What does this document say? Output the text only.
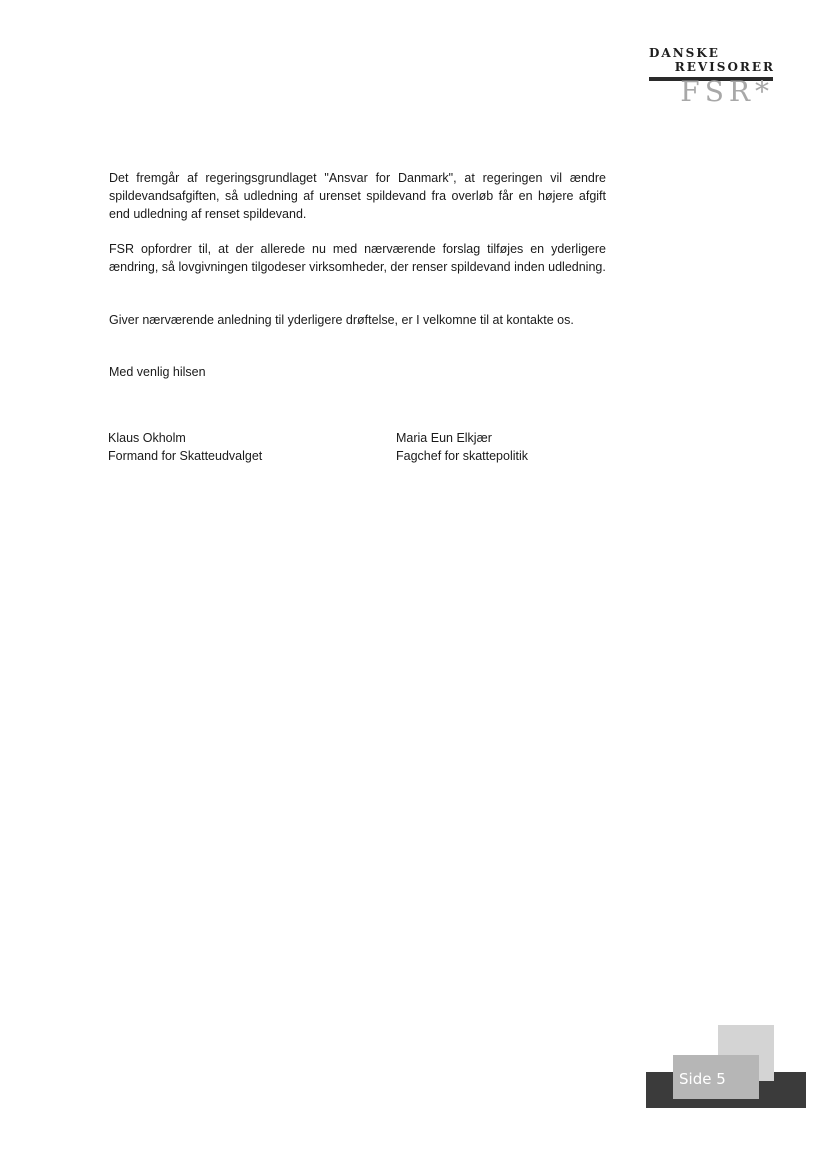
DANSKE
REVISORER
FSR*

Det fremgår af regeringsgrundlaget "Ansvar for Danmark", at regeringen vil ændre spildevandsafgiften, så udledning af urenset spildevand fra overløb får en højere afgift end udledning af renset spildevand.

FSR opfordrer til, at der allerede nu med nærværende forslag tilføjes en yderligere ændring, så lovgivningen tilgodeser virksomheder, der renser spildevand inden udledning.

Giver nærværende anledning til yderligere drøftelse, er I velkomne til at kontakte os.

Med venlig hilsen

Klaus Okholm
Formand for Skatteudvalget
Maria Eun Elkjær
Fagchef for skattepolitik
Side 5
